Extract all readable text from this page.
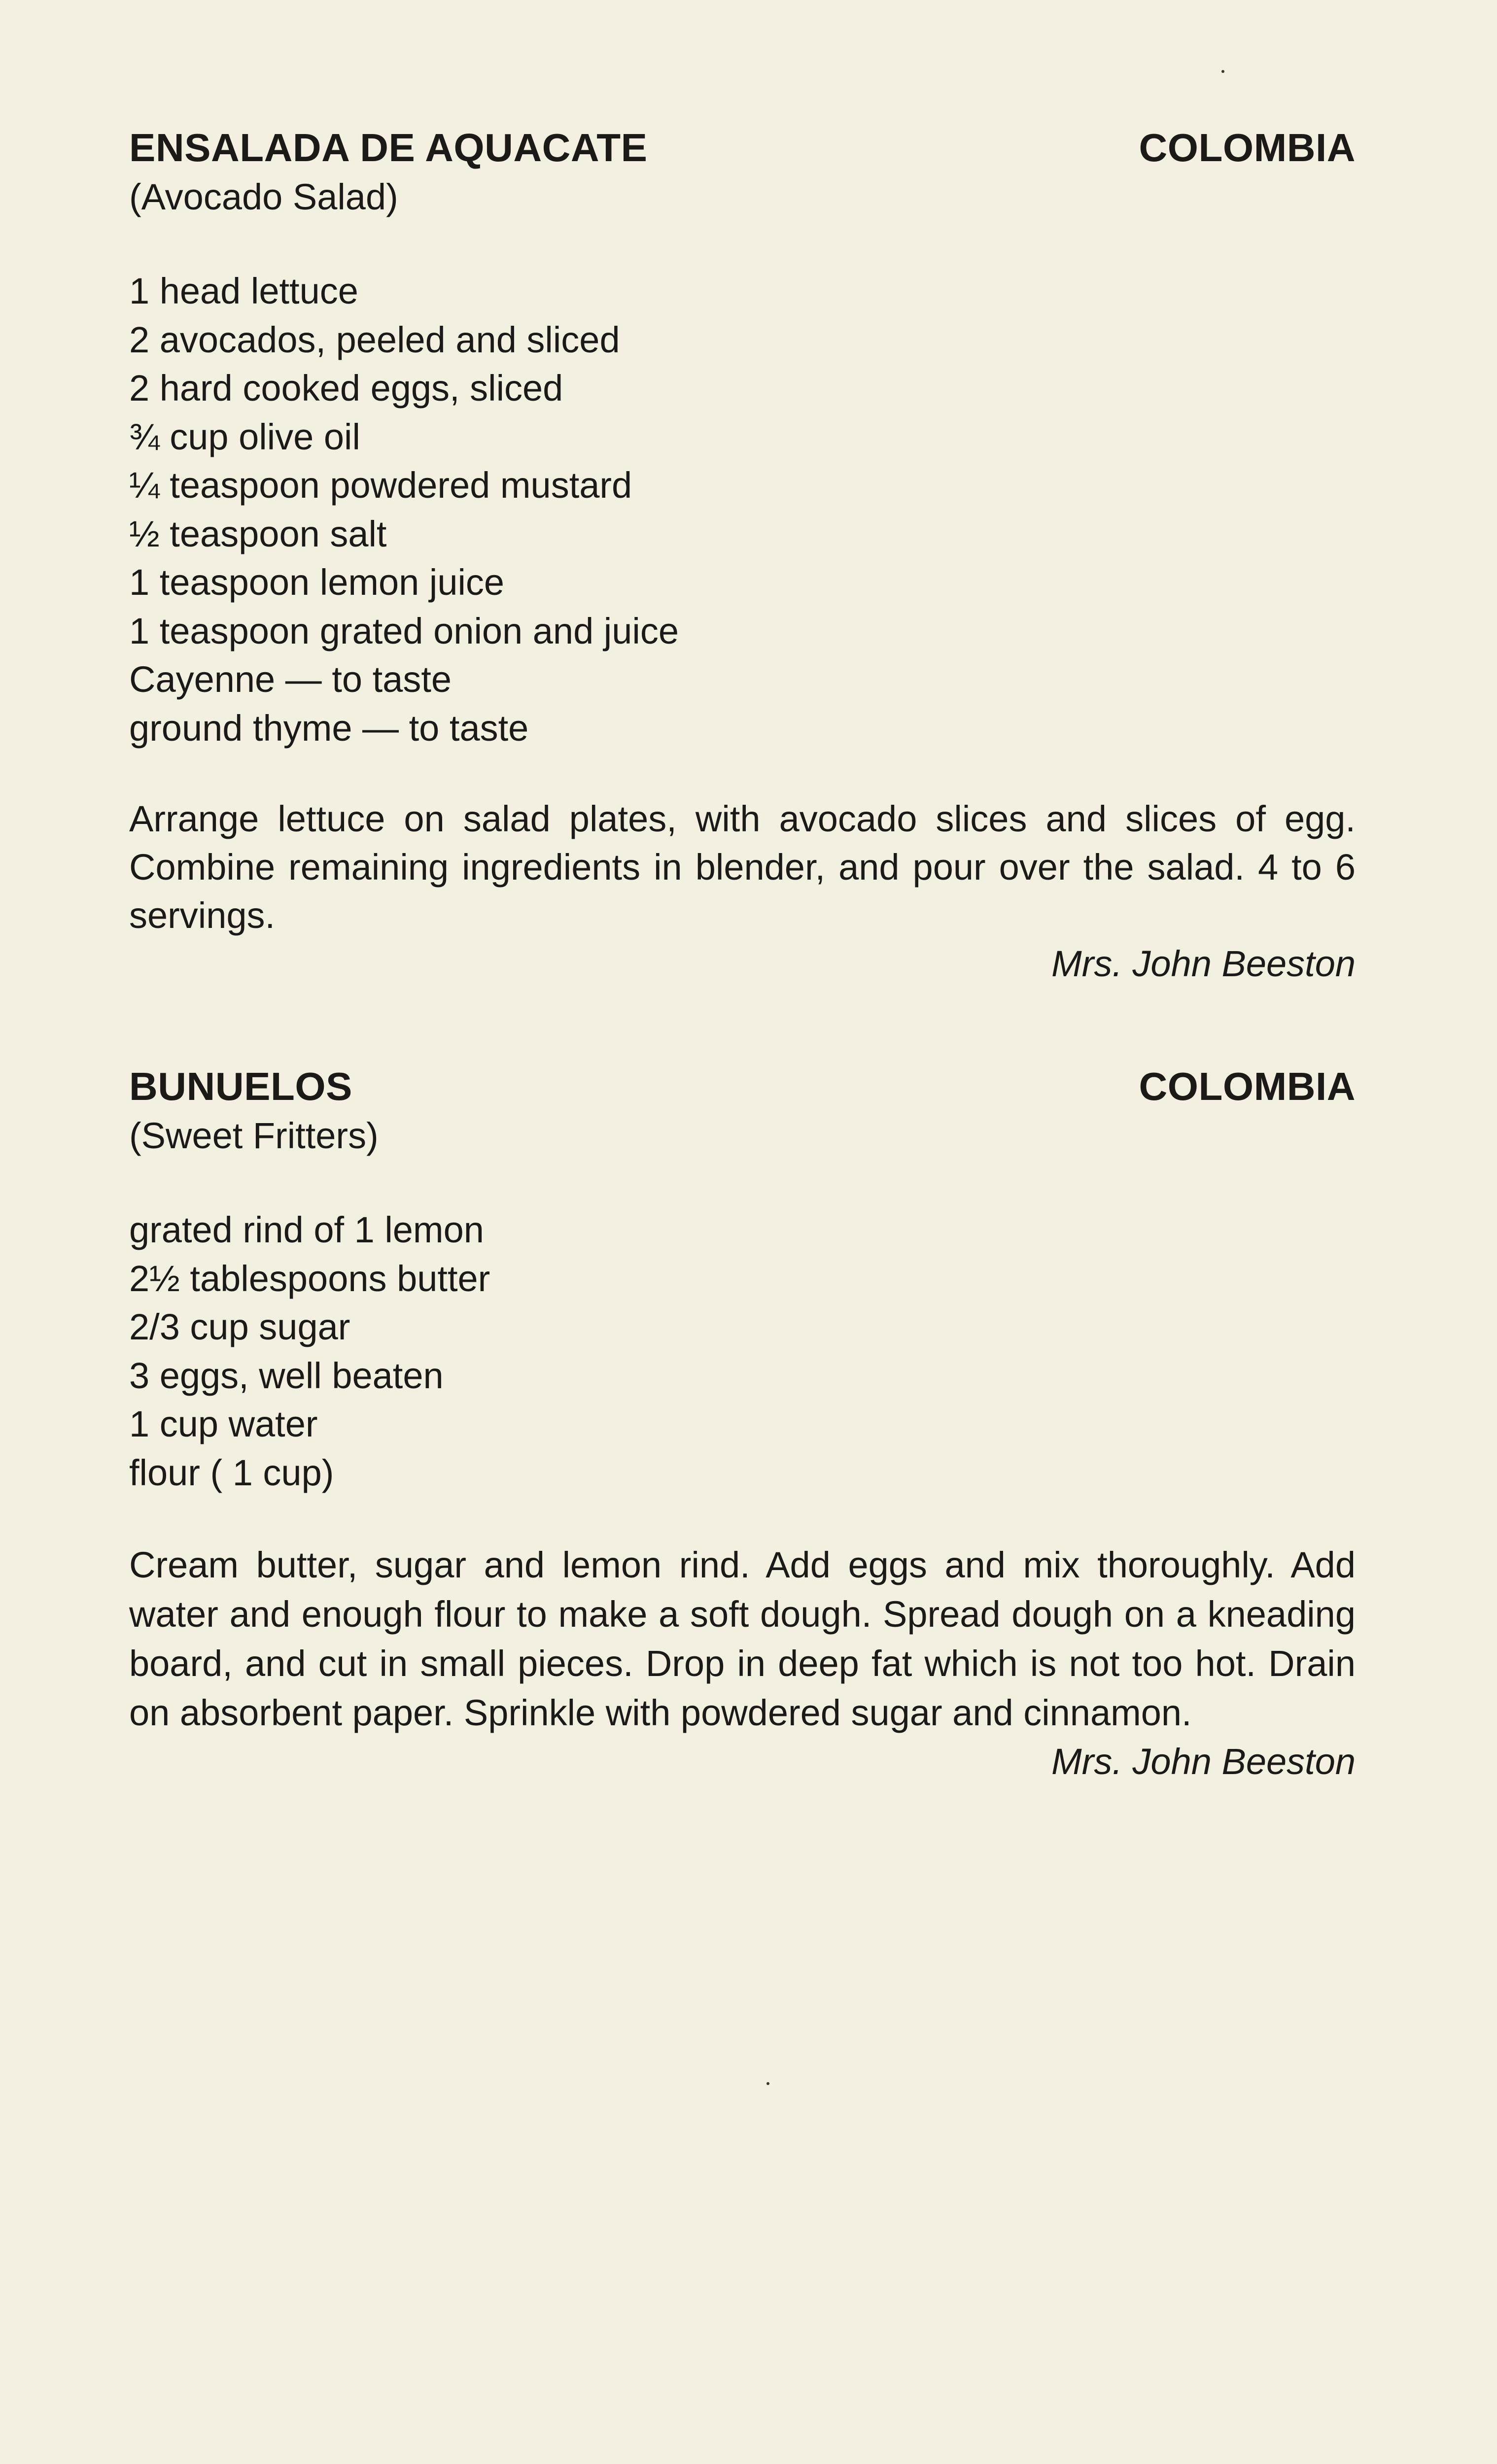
ENSALADA DE AQUACATE	COLOMBIA
(Avocado Salad)
1 head lettuce
2 avocados, peeled and sliced
2 hard cooked eggs, sliced
¾ cup olive oil
¼ teaspoon powdered mustard
½ teaspoon salt
1 teaspoon lemon juice
1 teaspoon grated onion and juice
Cayenne — to taste
ground thyme — to taste

Arrange lettuce on salad plates, with avocado slices and slices of egg. Combine remaining ingredients in blender, and pour over the salad. 4 to 6 servings.

Mrs. John Beeston
BUNUELOS	COLOMBIA
(Sweet Fritters)
grated rind of 1 lemon
2½ tablespoons butter
2/3 cup sugar
3 eggs, well beaten
1 cup water
flour ( 1 cup)

Cream butter, sugar and lemon rind. Add eggs and mix thoroughly. Add water and enough flour to make a soft dough. Spread dough on a kneading board, and cut in small pieces. Drop in deep fat which is not too hot. Drain on absorbent paper. Sprinkle with powdered sugar and cinnamon.

Mrs. John Beeston
